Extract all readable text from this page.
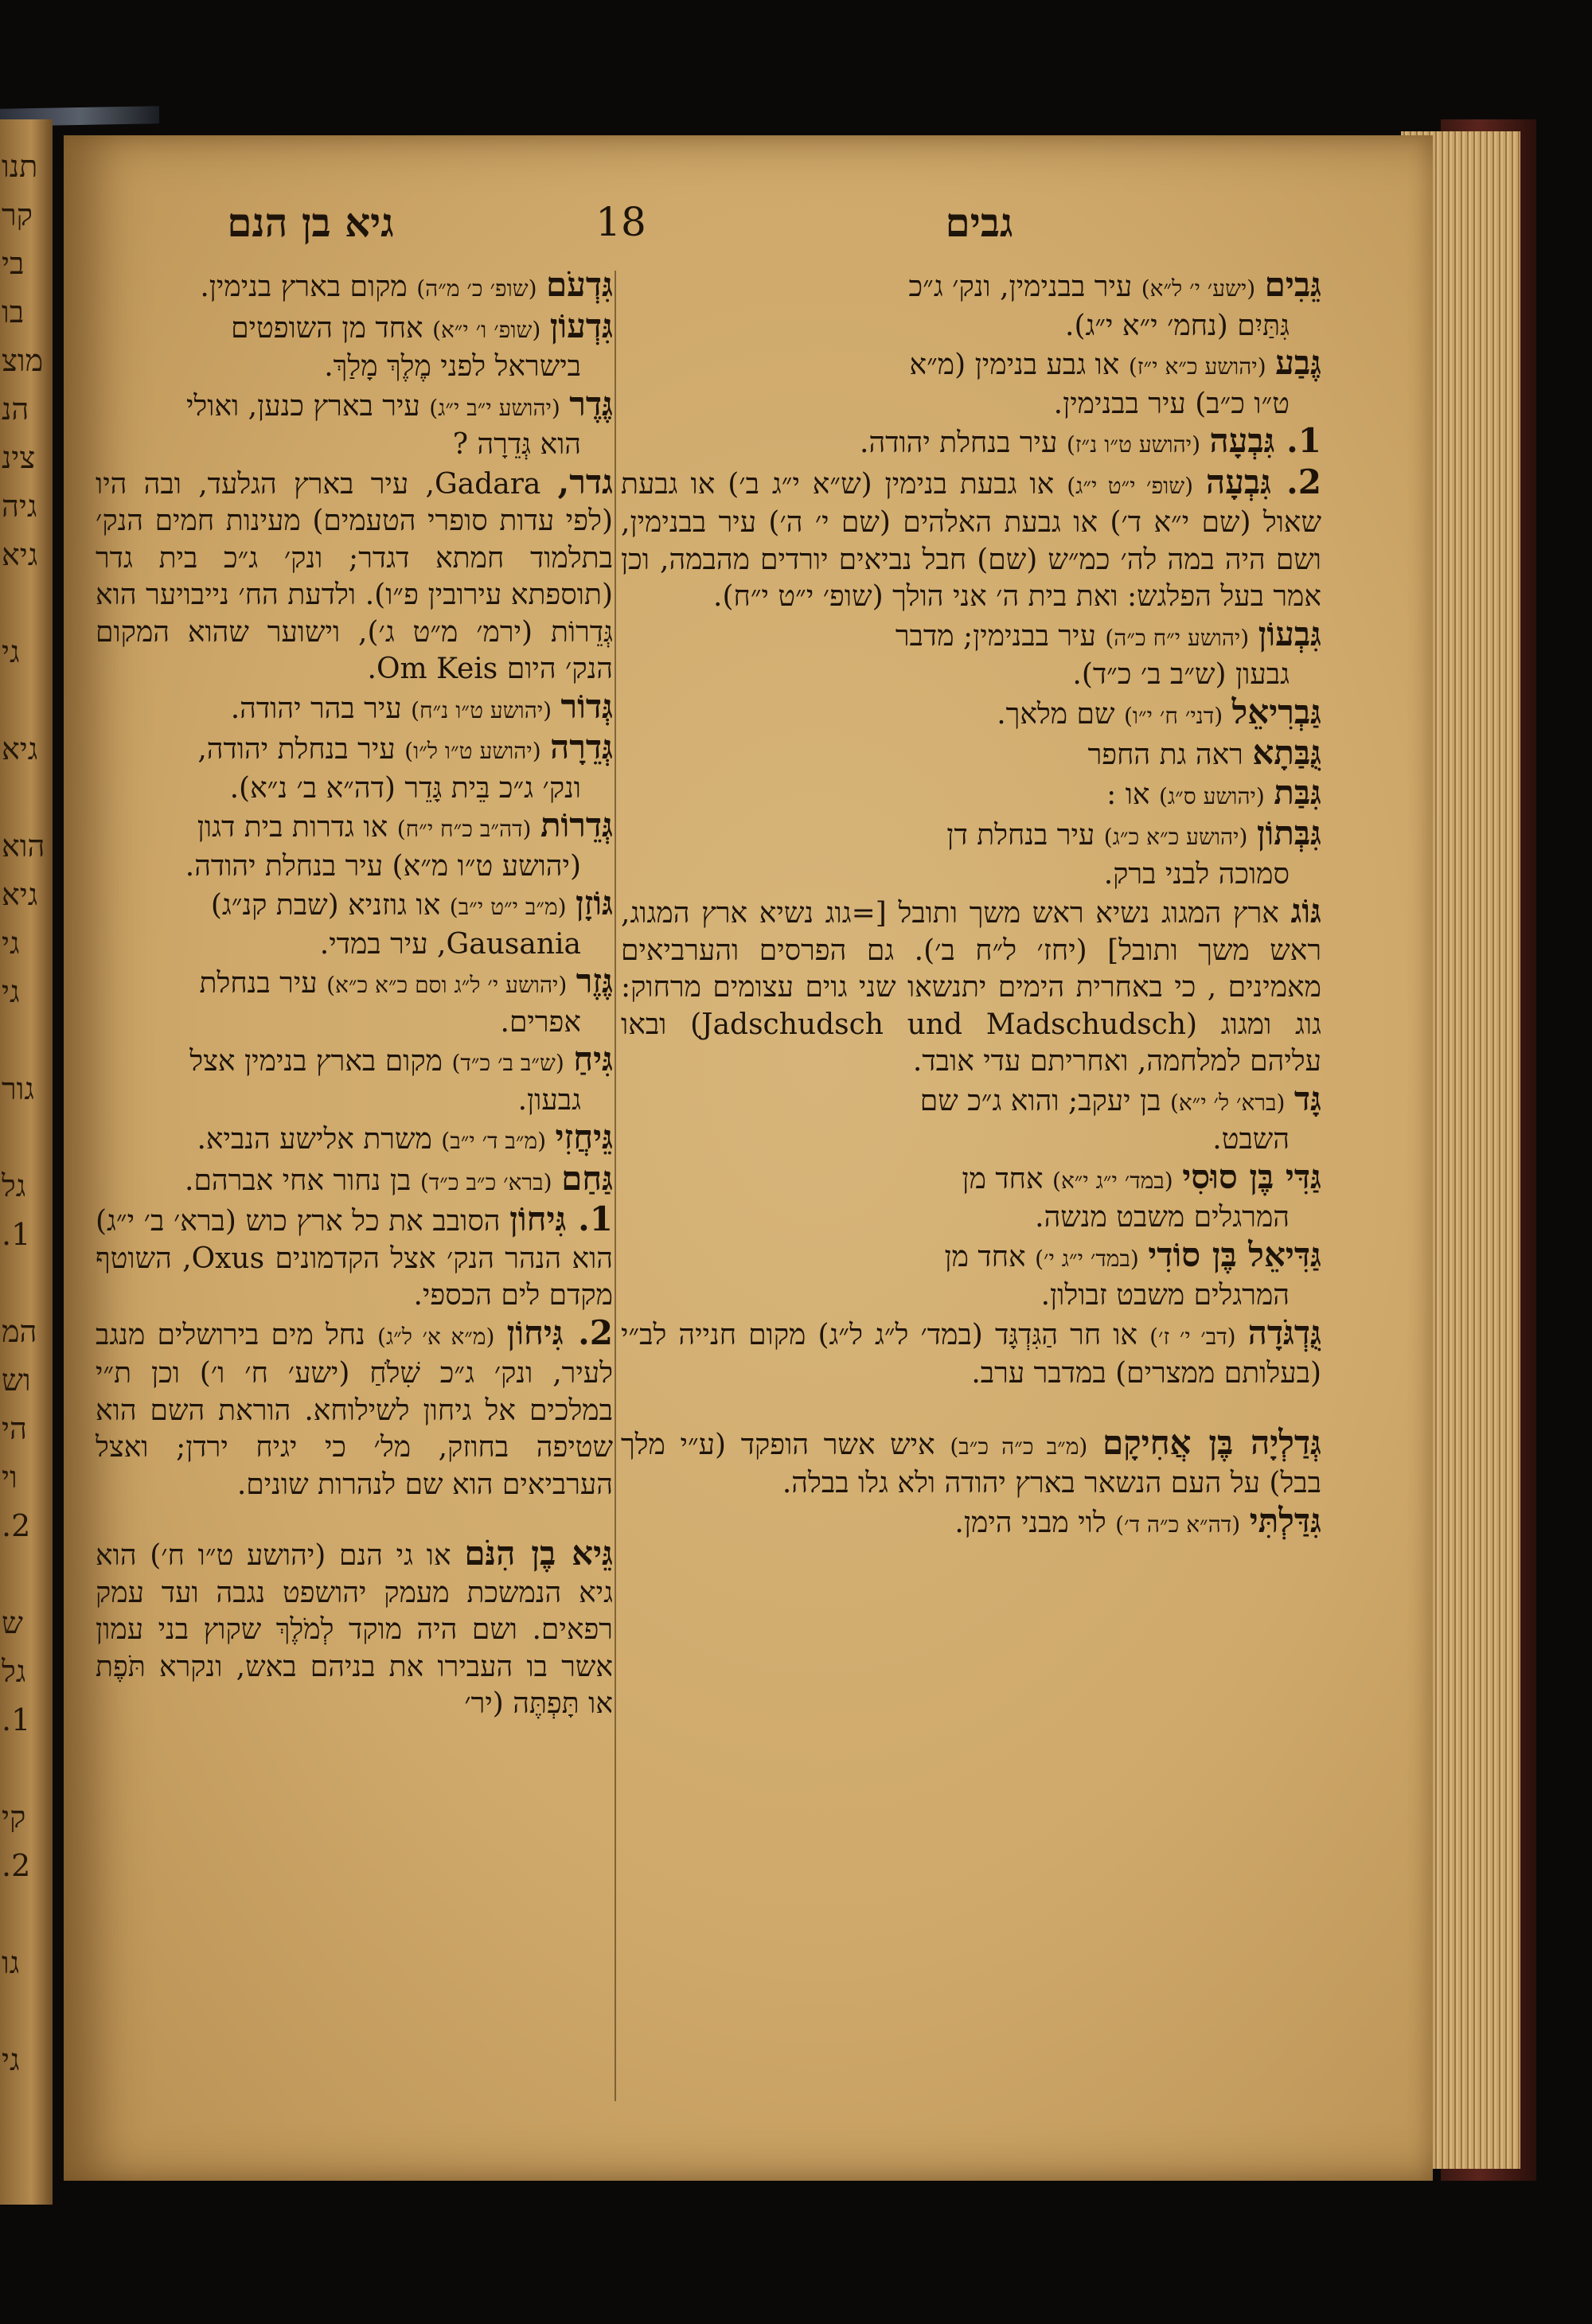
תנו
קר
בי
בו
מוצ
הנ
צינ
גיה
גיא
גי
גיא
הוא
גיא
גי
גי
גור
גל
1.
המ
וש
הי
וי
2.
ש
גל
1.
קי
2.
גו
גי
גבים
18
גיא בן הנם

גֵּבִים (ישע׳ י׳ ל״א) עיר בבנימין, ונק׳ ג״כ
גִּתַּיִם (נחמ׳ י״א י״ג).

גֶּבַע (יהושע כ״א י״ז) או גבע בנימין (מ״א
ט״ו כ״ב) עיר בבנימין.

1. גִּבְעָה (יהושע ט״ו נ״ז) עיר בנחלת יהודה.

2. גִּבְעָה (שופ׳ י״ט י״ג) או גבעת בנימין (ש״א י״ג ב׳) או גבעת שאול (שם י״א ד׳) או גבעת האלהים (שם י׳ ה׳) עיר בבנימין, ושם היה במה לה׳ כמ״ש (שם) חבל נביאים יורדים מהבמה, וכן אמר בעל הפלגש: ואת בית ה׳ אני הולך (שופ׳ י״ט י״ח).

גִּבְעוֹן (יהושע י״ח כ״ה) עיר בבנימין; מדבר
גבעון (ש״ב ב׳ כ״ד).

גַּבְרִיאֵל (דני׳ ח׳ י״ו) שם מלאך.

גֻּבַּתָא ראה גת החפר

גִּבַּת (יהושע ס״ג) או :

גִּבְּתוֹן (יהושע כ״א כ״ג) עיר בנחלת דן
סמוכה לבני ברק.

גּוֹג ארץ המגוג נשיא ראש משך ותובל [=גוג נשיא ארץ המגוג, ראש משך ותובל] (יחז׳ ל״ח ב׳). גם הפרסים והערביאים מאמינים , כי באחרית הימים יתנשאו שני גוים עצומים מרחוק: גוג ומגוג (Jadschudsch und Madschudsch) ובאו עליהם למלחמה, ואחריתם עדי אובד.

גָּד (ברא׳ ל׳ י״א) בן יעקב; והוא ג״כ שם
השבט.

גַּדִּי בֶּן סוּסִי (במד׳ י״ג י״א) אחד מן
המרגלים משבט מנשה.

גַּדִּיאֵל בֶּן סוֹדִי (במד׳ י״ג י׳) אחד מן
המרגלים משבט זבולון.

גֻּדְגֹּדָה (דב׳ י׳ ז׳) או חר הַגִּדְגָּד (במד׳ ל״ג ל״ג) מקום חנייה לב״י (בעלותם ממצרים) במדבר ערב.

גְּדַלְיָה בֶּן אֲחִיקָם (מ״ב כ״ה כ״ב) איש אשר הופקד (ע״י מלך בבל) על העם הנשאר בארץ יהודה ולא גלו בבלה.

גִּדַּלְתִּי (דה״א כ״ה ד׳) לוי מבני הימן.

גִּדְעֹם (שופ׳ כ׳ מ״ה) מקום בארץ בנימין.

גִּדְעוֹן (שופ׳ ו׳ י״א) אחד מן השופטים
בישראל לפני מֶלֶךְ מָלַךְ.

גֶּדֶר (יהושע י״ב י״ג) עיר בארץ כנען, ואולי
הוא גְּדֵרָה ?

גדר, Gadara, עיר בארץ הגלעד, ובה היו (לפי עדות סופרי הטעמים) מעינות חמים הנק׳ בתלמוד חמתא דגדר; ונק׳ ג״כ בית גדר (תוספתא עירובין פ״ו). ולדעת הח׳ נייבויער הוא גְּדֵרוֹת (ירמ׳ מ״ט ג׳), וישוער שהוא המקום הנק׳ היום Om Keis.

גְּדוֹר (יהושע ט״ו נ״ח) עיר בהר יהודה.

גְּדֵרָה (יהושע ט״ו ל״ו) עיר בנחלת יהודה,
ונק׳ ג״כ בֵּית גָּדֵר (דה״א ב׳ נ״א).

גְּדֵרוֹת (דה״ב כ״ח י״ח) או גדרות בית דגון
(יהושע ט״ו מ״א) עיר בנחלת יהודה.

גּוֹזָן (מ״ב י״ט י״ב) או גוזניא (שבת קנ״ג)
Gausania, עיר במדי.

גֶּזֶר (יהושע י׳ ל״ג וסם כ״א כ״א) עיר בנחלת
אפרים.

גִּיחַ (ש״ב ב׳ כ״ד) מקום בארץ בנימין אצל
גבעון.

גֵּיחֲזִי (מ״ב ד׳ י״ב) משרת אלישע הנביא.

גַּחַם (ברא׳ כ״ב כ״ד) בן נחור אחי אברהם.

1. גִּיחוֹן הסובב את כל ארץ כוש (ברא׳ ב׳ י״ג) הוא הנהר הנק׳ אצל הקדמונים Oxus, השוטף מקדם לים הכספי.

2. גִּיחוֹן (מ״א א׳ ל״ג) נחל מים בירושלים מנגב לעיר, ונק׳ ג״כ שִׁלֹחַ (ישע׳ ח׳ ו׳) וכן ת״י במלכים אל גיחון לשילוחא. הוראת השם הוא שטיפה בחוזק, מל׳ כי יגיח ירדן; ואצל הערביאים הוא שם לנהרות שונים.

גֵּיא בֶן הִנֹּם או גי הנם (יהושע ט״ו ח׳) הוא גיא הנמשכת מעמק יהושפט נגבה ועד עמק רפאים. ושם היה מוקד לְמֹלֶךְ שקוץ בני עמון אשר בו העבירו את בניהם באש, ונקרא תֹּפֶת או תָּפְתֶּה (יר׳
